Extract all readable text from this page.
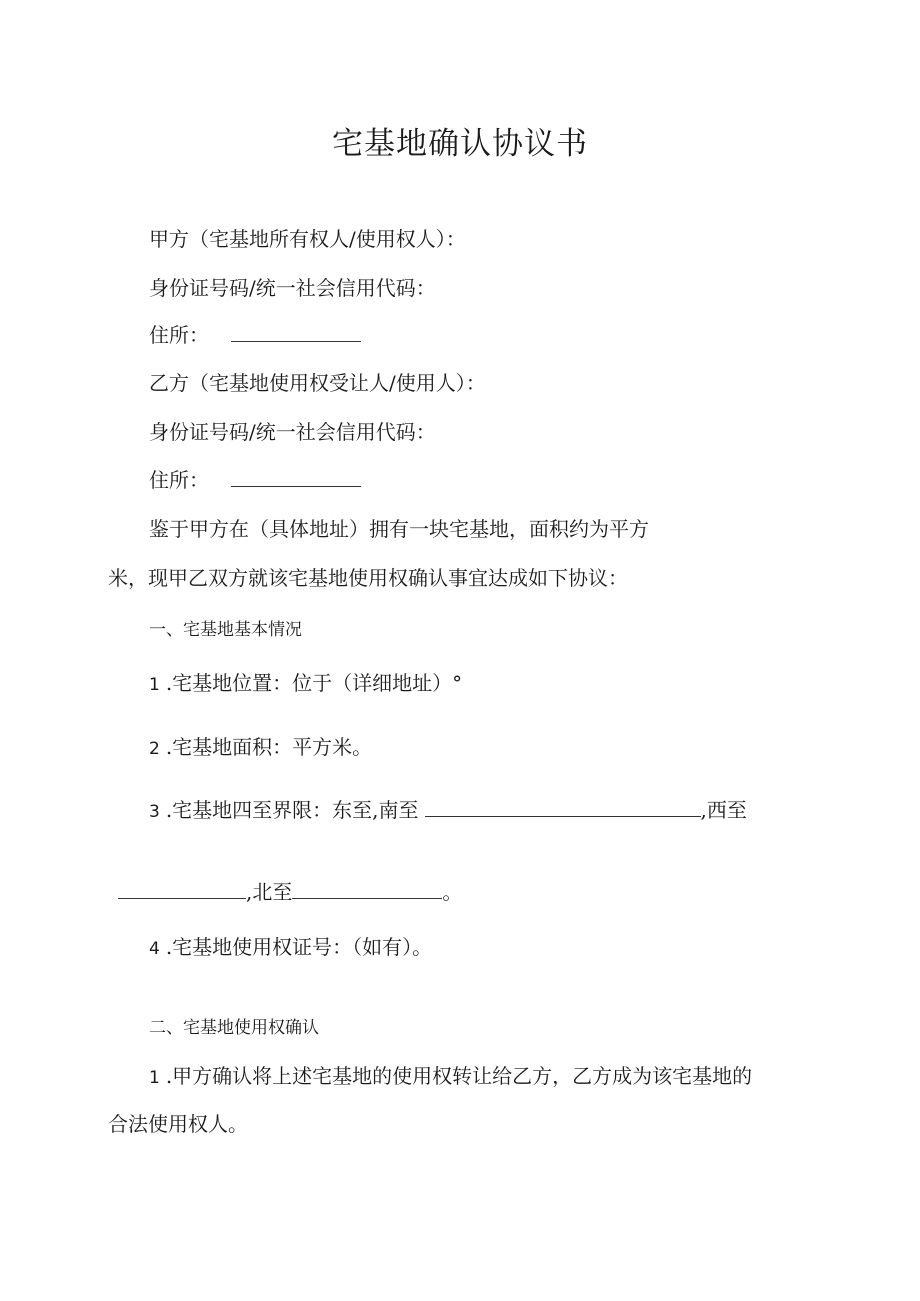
宅基地确认协议书
甲方（宅基地所有权人/使用权人）：
身份证号码/统一社会信用代码：
住所：
乙方（宅基地使用权受让人/使用人）：
身份证号码/统一社会信用代码：
住所：
鉴于甲方在（具体地址）拥有一块宅基地，面积约为平方
米，现甲乙双方就该宅基地使用权确认事宜达成如下协议：
一、宅基地基本情况
1 .宅基地位置：位于（详细地址）°
2 .宅基地面积：平方米。
3 .宅基地四至界限：东至,南至	,西至
,北至	。
4 .宅基地使用权证号：（如有）。
二、宅基地使用权确认
1 .甲方确认将上述宅基地的使用权转让给乙方，乙方成为该宅基地的
合法使用权人。
